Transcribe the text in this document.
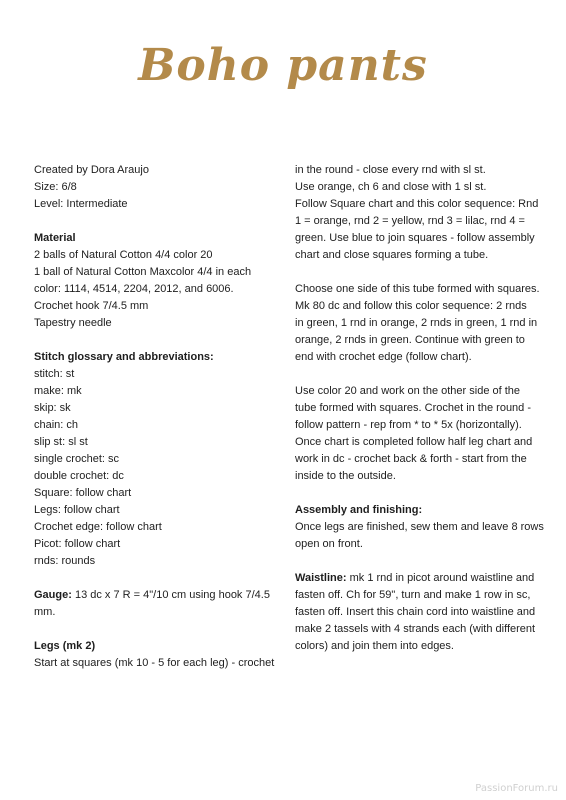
Boho pants
Created by Dora Araujo
Size: 6/8
Level: Intermediate
Material
2 balls of Natural Cotton 4/4 color 20
1 ball of Natural Cotton Maxcolor 4/4 in each
color: 1114, 4514, 2204, 2012, and 6006.
Crochet hook 7/4.5 mm
Tapestry needle
Stitch glossary and abbreviations:
stitch: st
make: mk
skip: sk
chain: ch
slip st: sl st
single crochet: sc
double crochet: dc
Square: follow chart
Legs: follow chart
Crochet edge: follow chart
Picot: follow chart
rnds: rounds
Gauge: 13 dc x 7 R = 4"/10 cm using hook 7/4.5
mm.
Legs (mk 2)
Start at squares (mk 10 - 5 for each leg) - crochet
in the round - close every rnd with sl st.
Use orange, ch 6 and close with 1 sl st.
Follow Square chart and this color sequence: Rnd
1 = orange, rnd 2 = yellow, rnd 3 = lilac, rnd 4 =
green. Use blue to join squares - follow assembly
chart and close squares forming a tube.
Choose one side of this tube formed with squares.
Mk 80 dc and follow this color sequence: 2 rnds
in green, 1 rnd in orange, 2 rnds in green, 1 rnd in
orange, 2 rnds in green. Continue with green to
end with crochet edge (follow chart).
Use color 20 and work on the other side of the
tube formed with squares. Crochet in the round -
follow pattern - rep from * to * 5x (horizontally).
Once chart is completed follow half leg chart and
work in dc - crochet back & forth - start from the
inside to the outside.
Assembly and finishing:
Once legs are finished, sew them and leave 8 rows
open on front.
Waistline: mk 1 rnd in picot around waistline and
fasten off. Ch for 59", turn and make 1 row in sc,
fasten off. Insert this chain cord into waistline and
make 2 tassels with 4 strands each (with different
colors) and join them into edges.
PassionForum.ru
